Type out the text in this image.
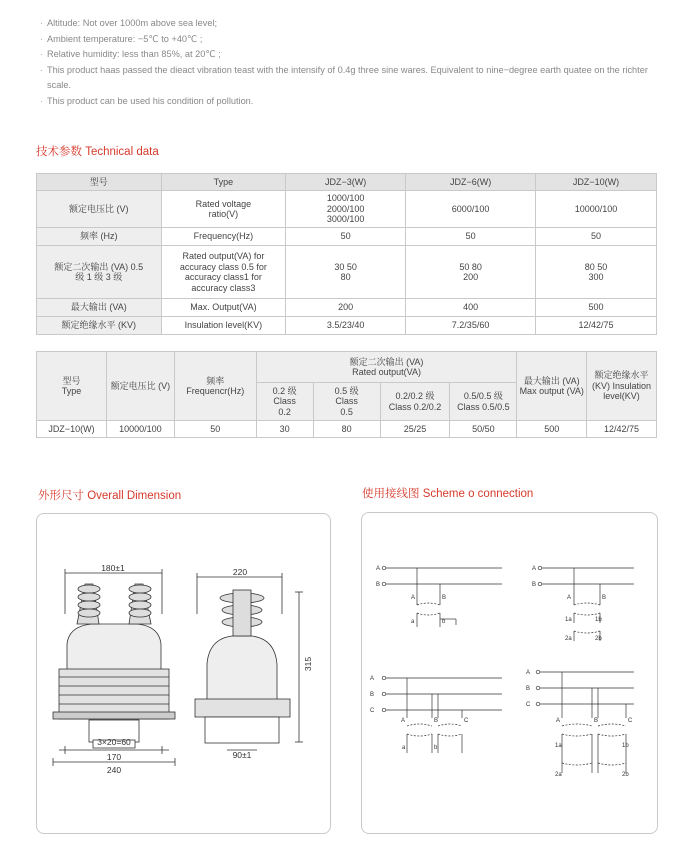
· Altitude: Not over 1000m above sea level;
· Ambient temperature: −5℃ to +40℃ ;
· Relative humidity: less than 85%, at 20℃ ;
· This product haas passed the dieact vibration teast with the intensify of 0.4g three sine wares. Equivalent to nine−degree earth quatee on the richter scale.
· This product can be used his condition of pollution.
技术参数 Technical data
型号	Type	JDZ−3(W)	JDZ−6(W)	JDZ−10(W)
额定电压比 (V)	Rated voltage ratio(V)	1000/100 2000/100 3000/100	6000/100	10000/100
频率 (Hz)	Frequency(Hz)	50	50	50
额定二次输出 (VA) 0.5 级 1 级 3 级	Rated output(VA) for accuracy class 0.5 for accuracy class1 for accuracy class3	30 50 80	50 80 200	80 50 300
最大输出 (VA)	Max. Output(VA)	200	400	500
额定绝缘水平 (KV)	Insulation level(KV)	3.5/23/40	7.2/35/60	12/42/75
型号 Type	额定电压比 (V)	频率 Frequencr(Hz)	额定二次输出 (VA) Rated output(VA)				最大输出 (VA) Max output (VA)	额定绝缘水平 (KV) Insulation level(KV)
			0.2 级 Class 0.2	0.5 级 Class 0.5	0.2/0.2 级 Class 0.2/0.2	0.5/0.5 级 Class 0.5/0.5		
JDZ−10(W)	10000/100	50	30	80	25/25	50/50	500	12/42/75
外形尺寸 Overall Dimension	使用接线图 Scheme o connection
180±1
3×20=60
170
240
220
315
90±1
A
B
A	B
a	b
A
B
A	B
1a	1b
2a	2b
A
B
C
A	B	C
a	b
A
B
C
A	B	C
1a	1b
2a	2b
